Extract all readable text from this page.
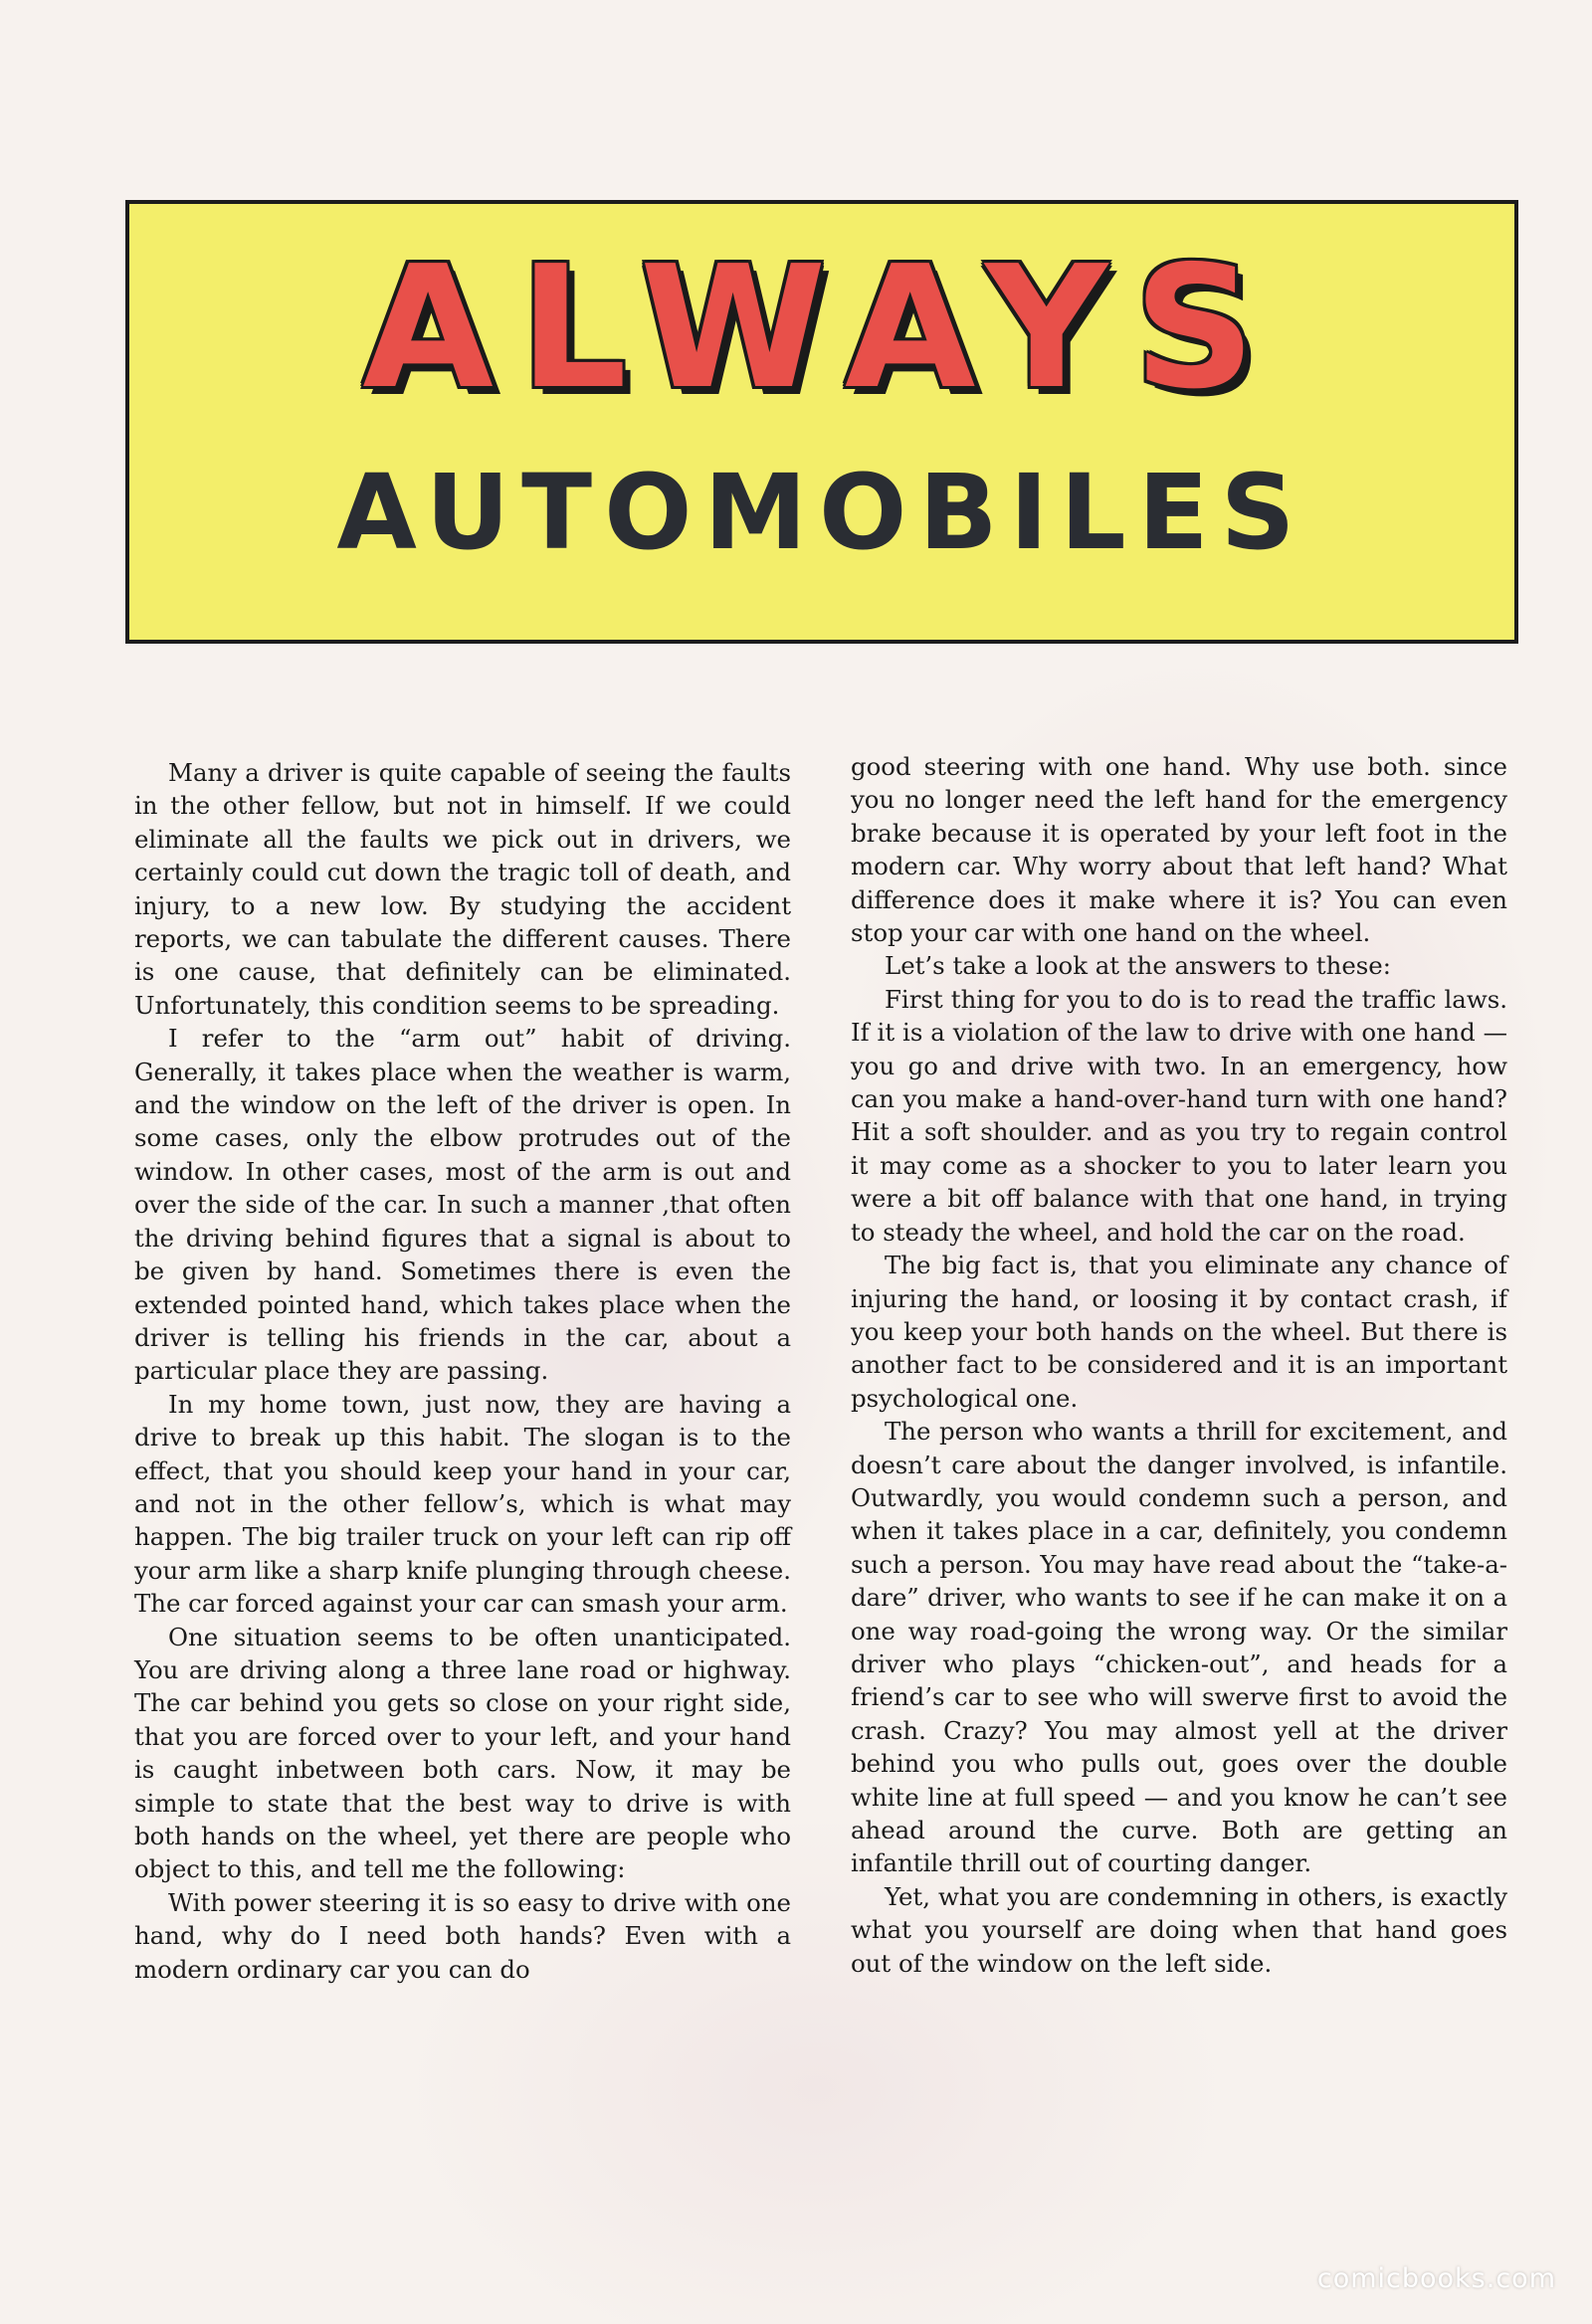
ALWAYS
AUTOMOBILES

Many a driver is quite capable of seeing the faults in the other fellow, but not in himself. If we could eliminate all the faults we pick out in drivers, we certainly could cut down the tragic toll of death, and injury, to a new low. By studying the accident reports, we can tabulate the different causes. There is one cause, that definitely can be eliminated. Unfortunately, this condition seems to be spreading.

I refer to the “arm out” habit of driving. Generally, it takes place when the weather is warm, and the window on the left of the driver is open. In some cases, only the elbow protrudes out of the window. In other cases, most of the arm is out and over the side of the car. In such a manner ,that often the driving behind figures that a signal is about to be given by hand. Sometimes there is even the extended pointed hand, which takes place when the driver is telling his friends in the car, about a particular place they are passing.

In my home town, just now, they are having a drive to break up this habit. The slogan is to the effect, that you should keep your hand in your car, and not in the other fellow’s, which is what may happen. The big trailer truck on your left can rip off your arm like a sharp knife plunging through cheese. The car forced against your car can smash your arm.

One situation seems to be often unanticipated. You are driving along a three lane road or highway. The car behind you gets so close on your right side, that you are forced over to your left, and your hand is caught inbetween both cars. Now, it may be simple to state that the best way to drive is with both hands on the wheel, yet there are people who object to this, and tell me the following:

With power steering it is so easy to drive with one hand, why do I need both hands? Even with a modern ordinary car you can do

good steering with one hand. Why use both. since you no longer need the left hand for the emergency brake because it is operated by your left foot in the modern car. Why worry about that left hand? What difference does it make where it is? You can even stop your car with one hand on the wheel.

Let’s take a look at the answers to these:

First thing for you to do is to read the traffic laws. If it is a violation of the law to drive with one hand — you go and drive with two. In an emergency, how can you make a hand-over-hand turn with one hand? Hit a soft shoulder. and as you try to regain control it may come as a shocker to you to later learn you were a bit off balance with that one hand, in trying to steady the wheel, and hold the car on the road.

The big fact is, that you eliminate any chance of injuring the hand, or loosing it by contact crash, if you keep your both hands on the wheel. But there is another fact to be considered and it is an important psychological one.

The person who wants a thrill for excitement, and doesn’t care about the danger involved, is infantile. Outwardly, you would condemn such a person, and when it takes place in a car, definitely, you condemn such a person. You may have read about the “take-a-dare” driver, who wants to see if he can make it on a one way road-going the wrong way. Or the similar driver who plays “chicken-out”, and heads for a friend’s car to see who will swerve first to avoid the crash. Crazy? You may almost yell at the driver behind you who pulls out, goes over the double white line at full speed — and you know he can’t see ahead around the curve. Both are getting an infantile thrill out of courting danger.

Yet, what you are condemning in others, is exactly what you yourself are doing when that hand goes out of the window on the left side.

comicbooks.com
